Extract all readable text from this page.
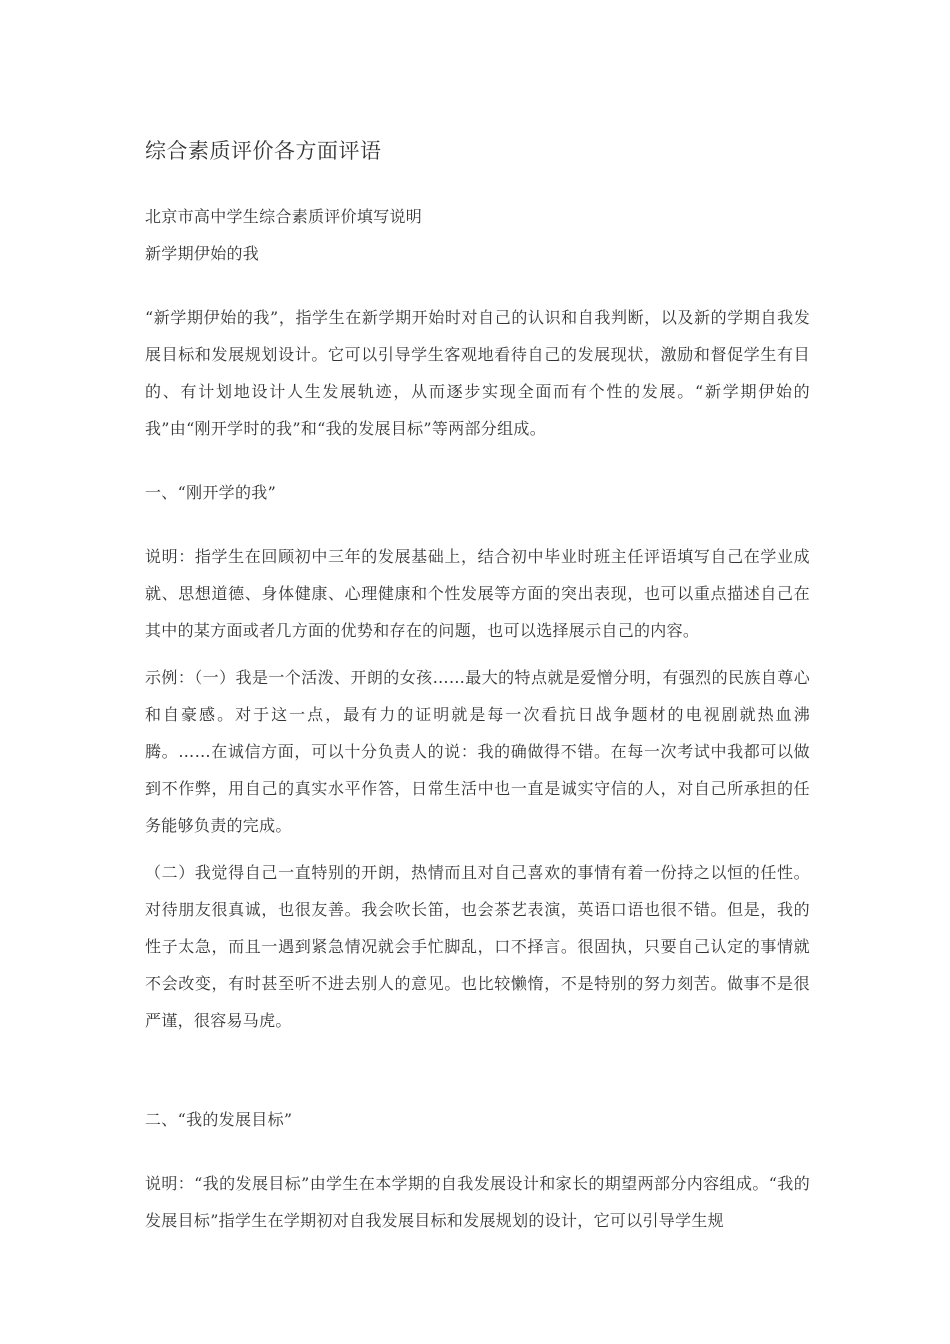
综合素质评价各方面评语

北京市高中学生综合素质评价填写说明

新学期伊始的我

“新学期伊始的我”，指学生在新学期开始时对自己的认识和自我判断，以及新的学期自我发展目标和发展规划设计。它可以引导学生客观地看待自己的发展现状，激励和督促学生有目的、有计划地设计人生发展轨迹，从而逐步实现全面而有个性的发展。“新学期伊始的我”由“刚开学时的我”和“我的发展目标”等两部分组成。

一、“刚开学的我”

说明：指学生在回顾初中三年的发展基础上，结合初中毕业时班主任评语填写自己在学业成就、思想道德、身体健康、心理健康和个性发展等方面的突出表现，也可以重点描述自己在其中的某方面或者几方面的优势和存在的问题，也可以选择展示自己的内容。

示例：（一）我是一个活泼、开朗的女孩……最大的特点就是爱憎分明，有强烈的民族自尊心和自豪感。对于这一点，最有力的证明就是每一次看抗日战争题材的电视剧就热血沸腾。……在诚信方面，可以十分负责人的说：我的确做得不错。在每一次考试中我都可以做到不作弊，用自己的真实水平作答，日常生活中也一直是诚实守信的人，对自己所承担的任务能够负责的完成。

（二）我觉得自己一直特别的开朗，热情而且对自己喜欢的事情有着一份持之以恒的任性。对待朋友很真诚，也很友善。我会吹长笛，也会茶艺表演，英语口语也很不错。但是，我的性子太急，而且一遇到紧急情况就会手忙脚乱，口不择言。很固执，只要自己认定的事情就不会改变，有时甚至听不进去别人的意见。也比较懒惰，不是特别的努力刻苦。做事不是很严谨，很容易马虎。

二、“我的发展目标”

说明：“我的发展目标”由学生在本学期的自我发展设计和家长的期望两部分内容组成。“我的发展目标”指学生在学期初对自我发展目标和发展规划的设计，它可以引导学生规
